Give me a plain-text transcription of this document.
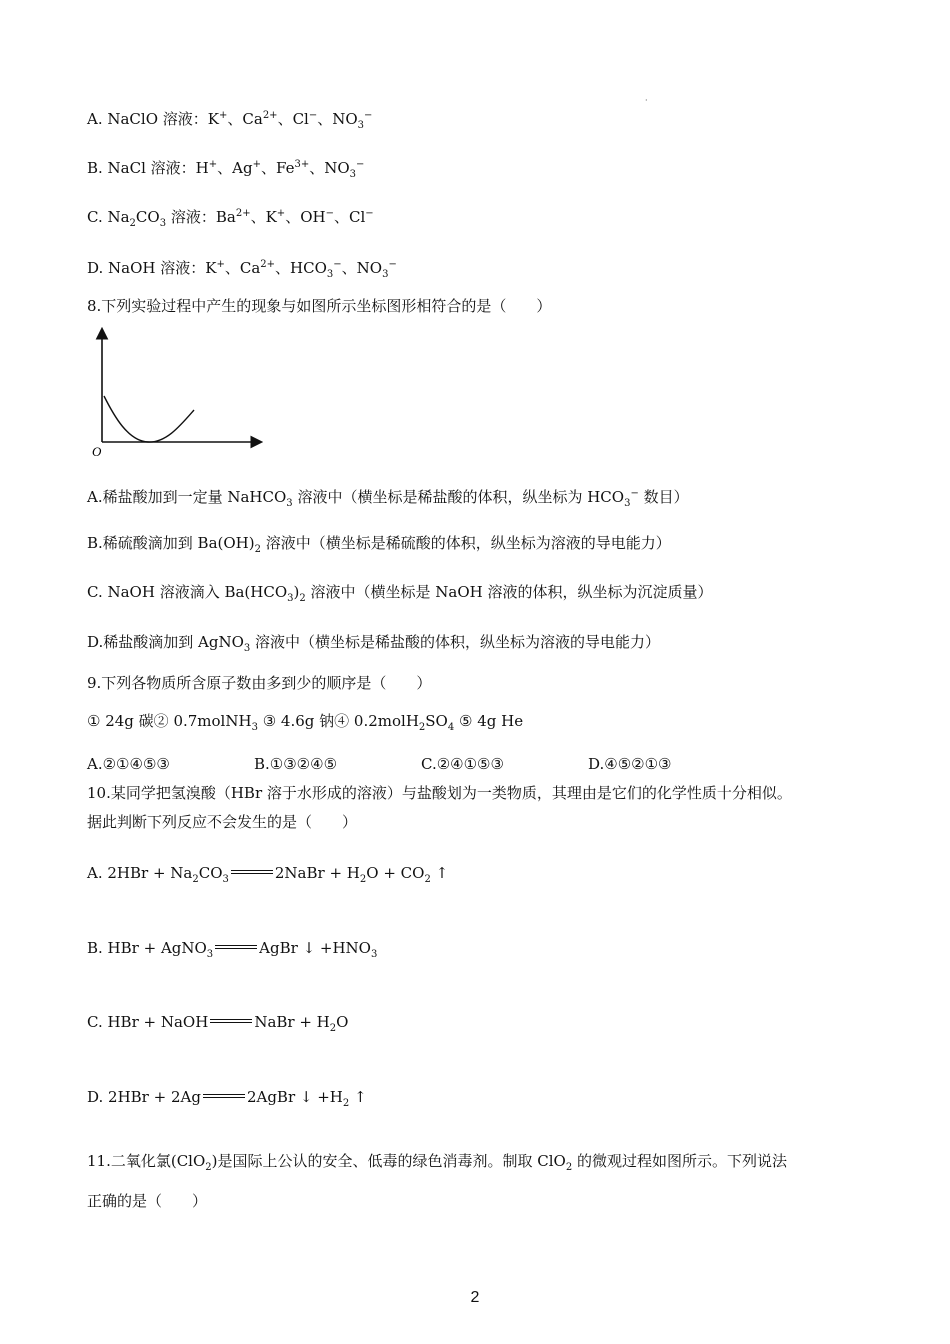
·
A. NaClO 溶液：K+、$Ca^{2+}$、Cl−、$NO_3^-$
B. NaCl 溶液：H+、Ag+、$Fe^{3+}$、$NO_3^-$
C. $Na_2CO_3$ 溶液：$Ba^{2+}$、K+、OH−、Cl−
D. NaOH 溶液：K+、$Ca^{2+}$、$HCO_3^-$、$NO_3^-$
8.下列实验过程中产生的现象与如图所示坐标图形相符合的是（　　）
O
A.稀盐酸加到一定量 NaHCO$_3$ 溶液中（横坐标是稀盐酸的体积，纵坐标为 $HCO_3^-$ 数目）
B.稀硫酸滴加到 $Ba(OH)_2$ 溶液中（横坐标是稀硫酸的体积，纵坐标为溶液的导电能力）
C. NaOH 溶液滴入 $Ba(HCO_3)_2$ 溶液中（横坐标是 NaOH 溶液的体积，纵坐标为沉淀质量）
D.稀盐酸滴加到 AgNO$_3$ 溶液中（横坐标是稀盐酸的体积，纵坐标为溶液的导电能力）
9.下列各物质所含原子数由多到少的顺序是（　　）
① 24g 碳② 0.7molNH$_3$ ③ 4.6g 钠④ $0.2molH_2SO_4$ ⑤ 4g He
A.②①④⑤③	B.①③②④⑤	C.②④①⑤③	D.④⑤②①③
10.某同学把氢溴酸（HBr 溶于水形成的溶液）与盐酸划为一类物质，其理由是它们的化学性质十分相似。
据此判断下列反应不会发生的是（　　）
A. $2HBr + Na_2CO_3$	2NaBr + $H_2O + CO_2$ ↑
B. HBr + AgNO$_3$	AgBr ↓ $+HNO_3$
C. HBr + NaOH	NaBr + $H_2O$
D. 2HBr + 2Ag	2AgBr ↓ $+H_2$ ↑
11.二氧化氯(ClO$_2$)是国际上公认的安全、低毒的绿色消毒剂。制取 ClO$_2$ 的微观过程如图所示。下列说法
正确的是（　　）
2
